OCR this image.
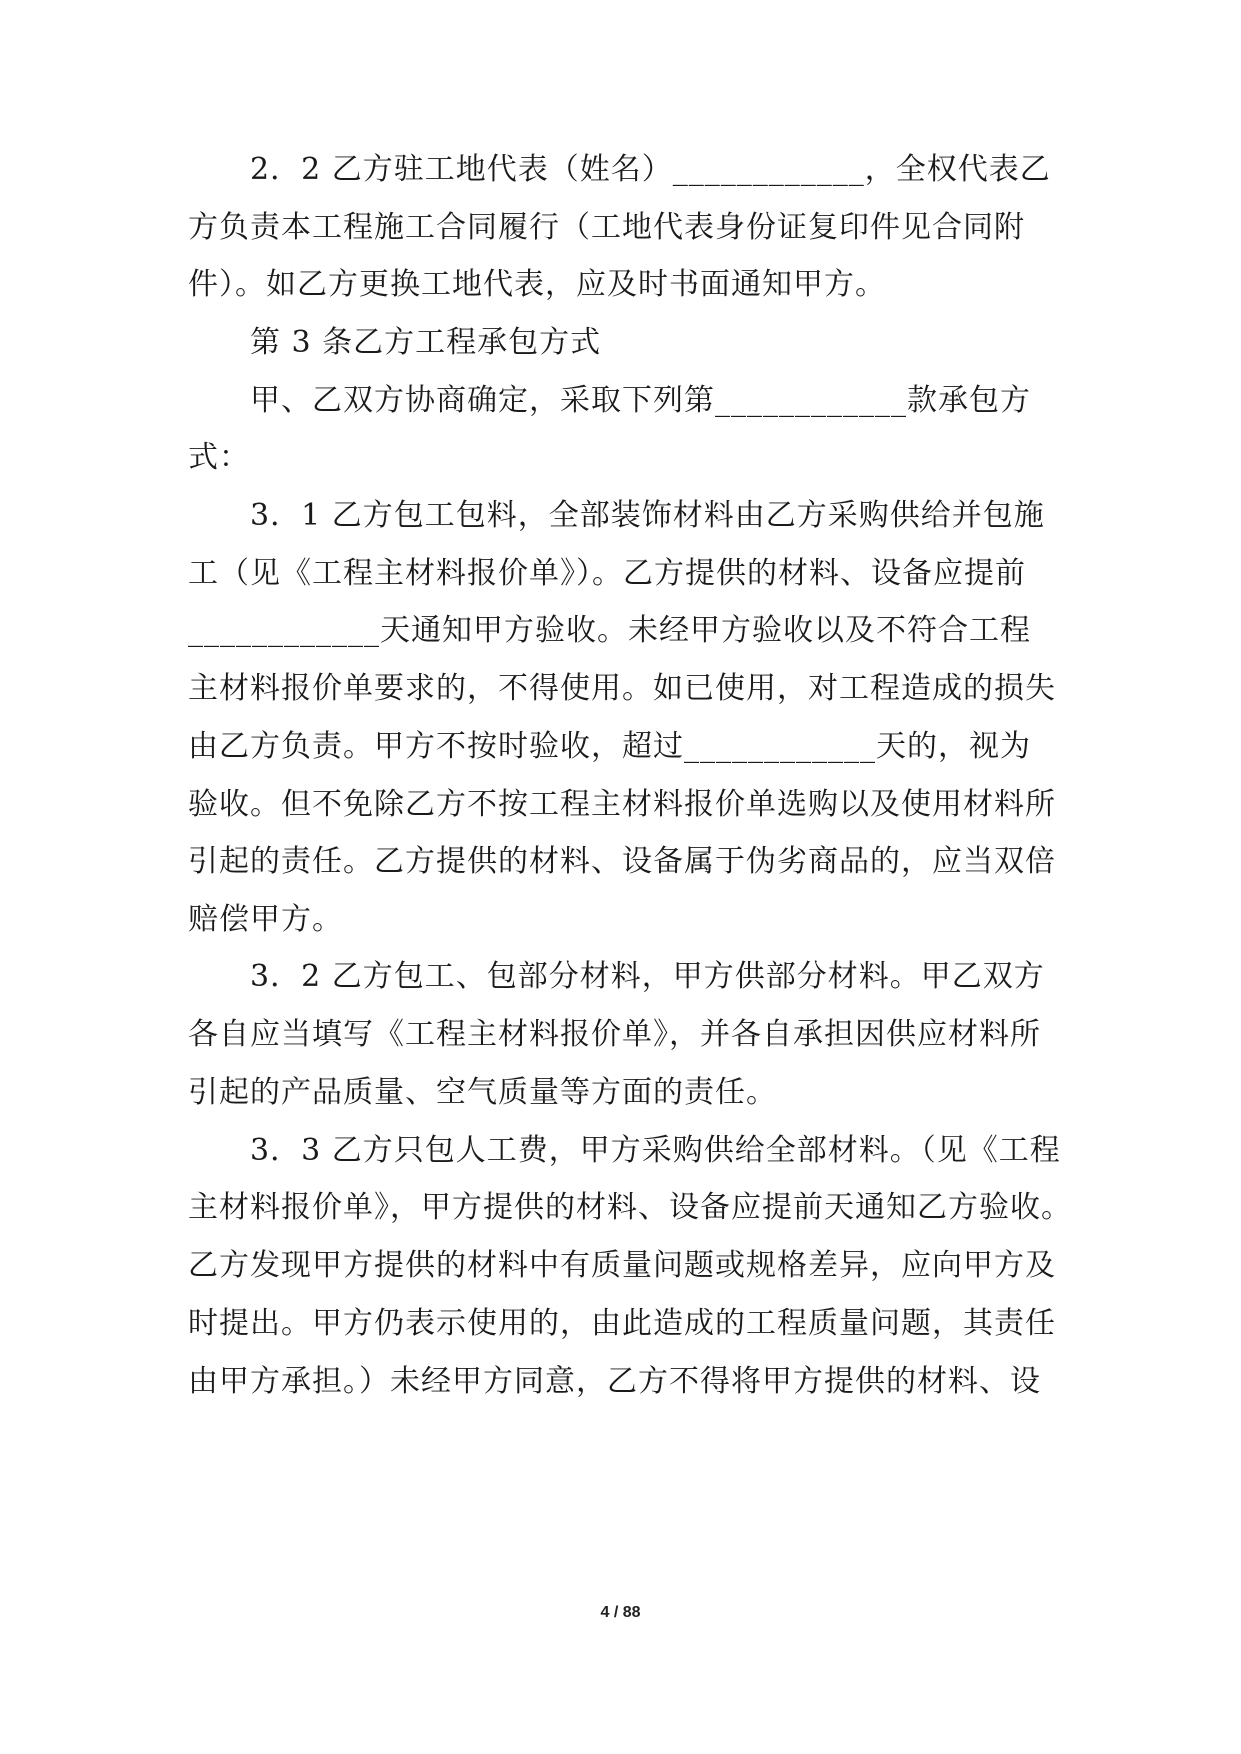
2．2 乙方驻工地代表（姓名）____________，全权代表乙
方负责本工程施工合同履行（工地代表身份证复印件见合同附
件）。如乙方更换工地代表，应及时书面通知甲方。
第 3 条乙方工程承包方式
甲、乙双方协商确定，采取下列第____________款承包方
式：
3．1 乙方包工包料，全部装饰材料由乙方采购供给并包施
工（见《工程主材料报价单》）。乙方提供的材料、设备应提前
____________天通知甲方验收。未经甲方验收以及不符合工程
主材料报价单要求的，不得使用。如已使用，对工程造成的损失
由乙方负责。甲方不按时验收，超过____________天的，视为
验收。但不免除乙方不按工程主材料报价单选购以及使用材料所
引起的责任。乙方提供的材料、设备属于伪劣商品的，应当双倍
赔偿甲方。
3．2 乙方包工、包部分材料，甲方供部分材料。甲乙双方
各自应当填写《工程主材料报价单》，并各自承担因供应材料所
引起的产品质量、空气质量等方面的责任。
3．3 乙方只包人工费，甲方采购供给全部材料。（见《工程
主材料报价单》，甲方提供的材料、设备应提前天通知乙方验收。
乙方发现甲方提供的材料中有质量问题或规格差异，应向甲方及
时提出。甲方仍表示使用的，由此造成的工程质量问题，其责任
由甲方承担。）未经甲方同意，乙方不得将甲方提供的材料、设
4 / 88
